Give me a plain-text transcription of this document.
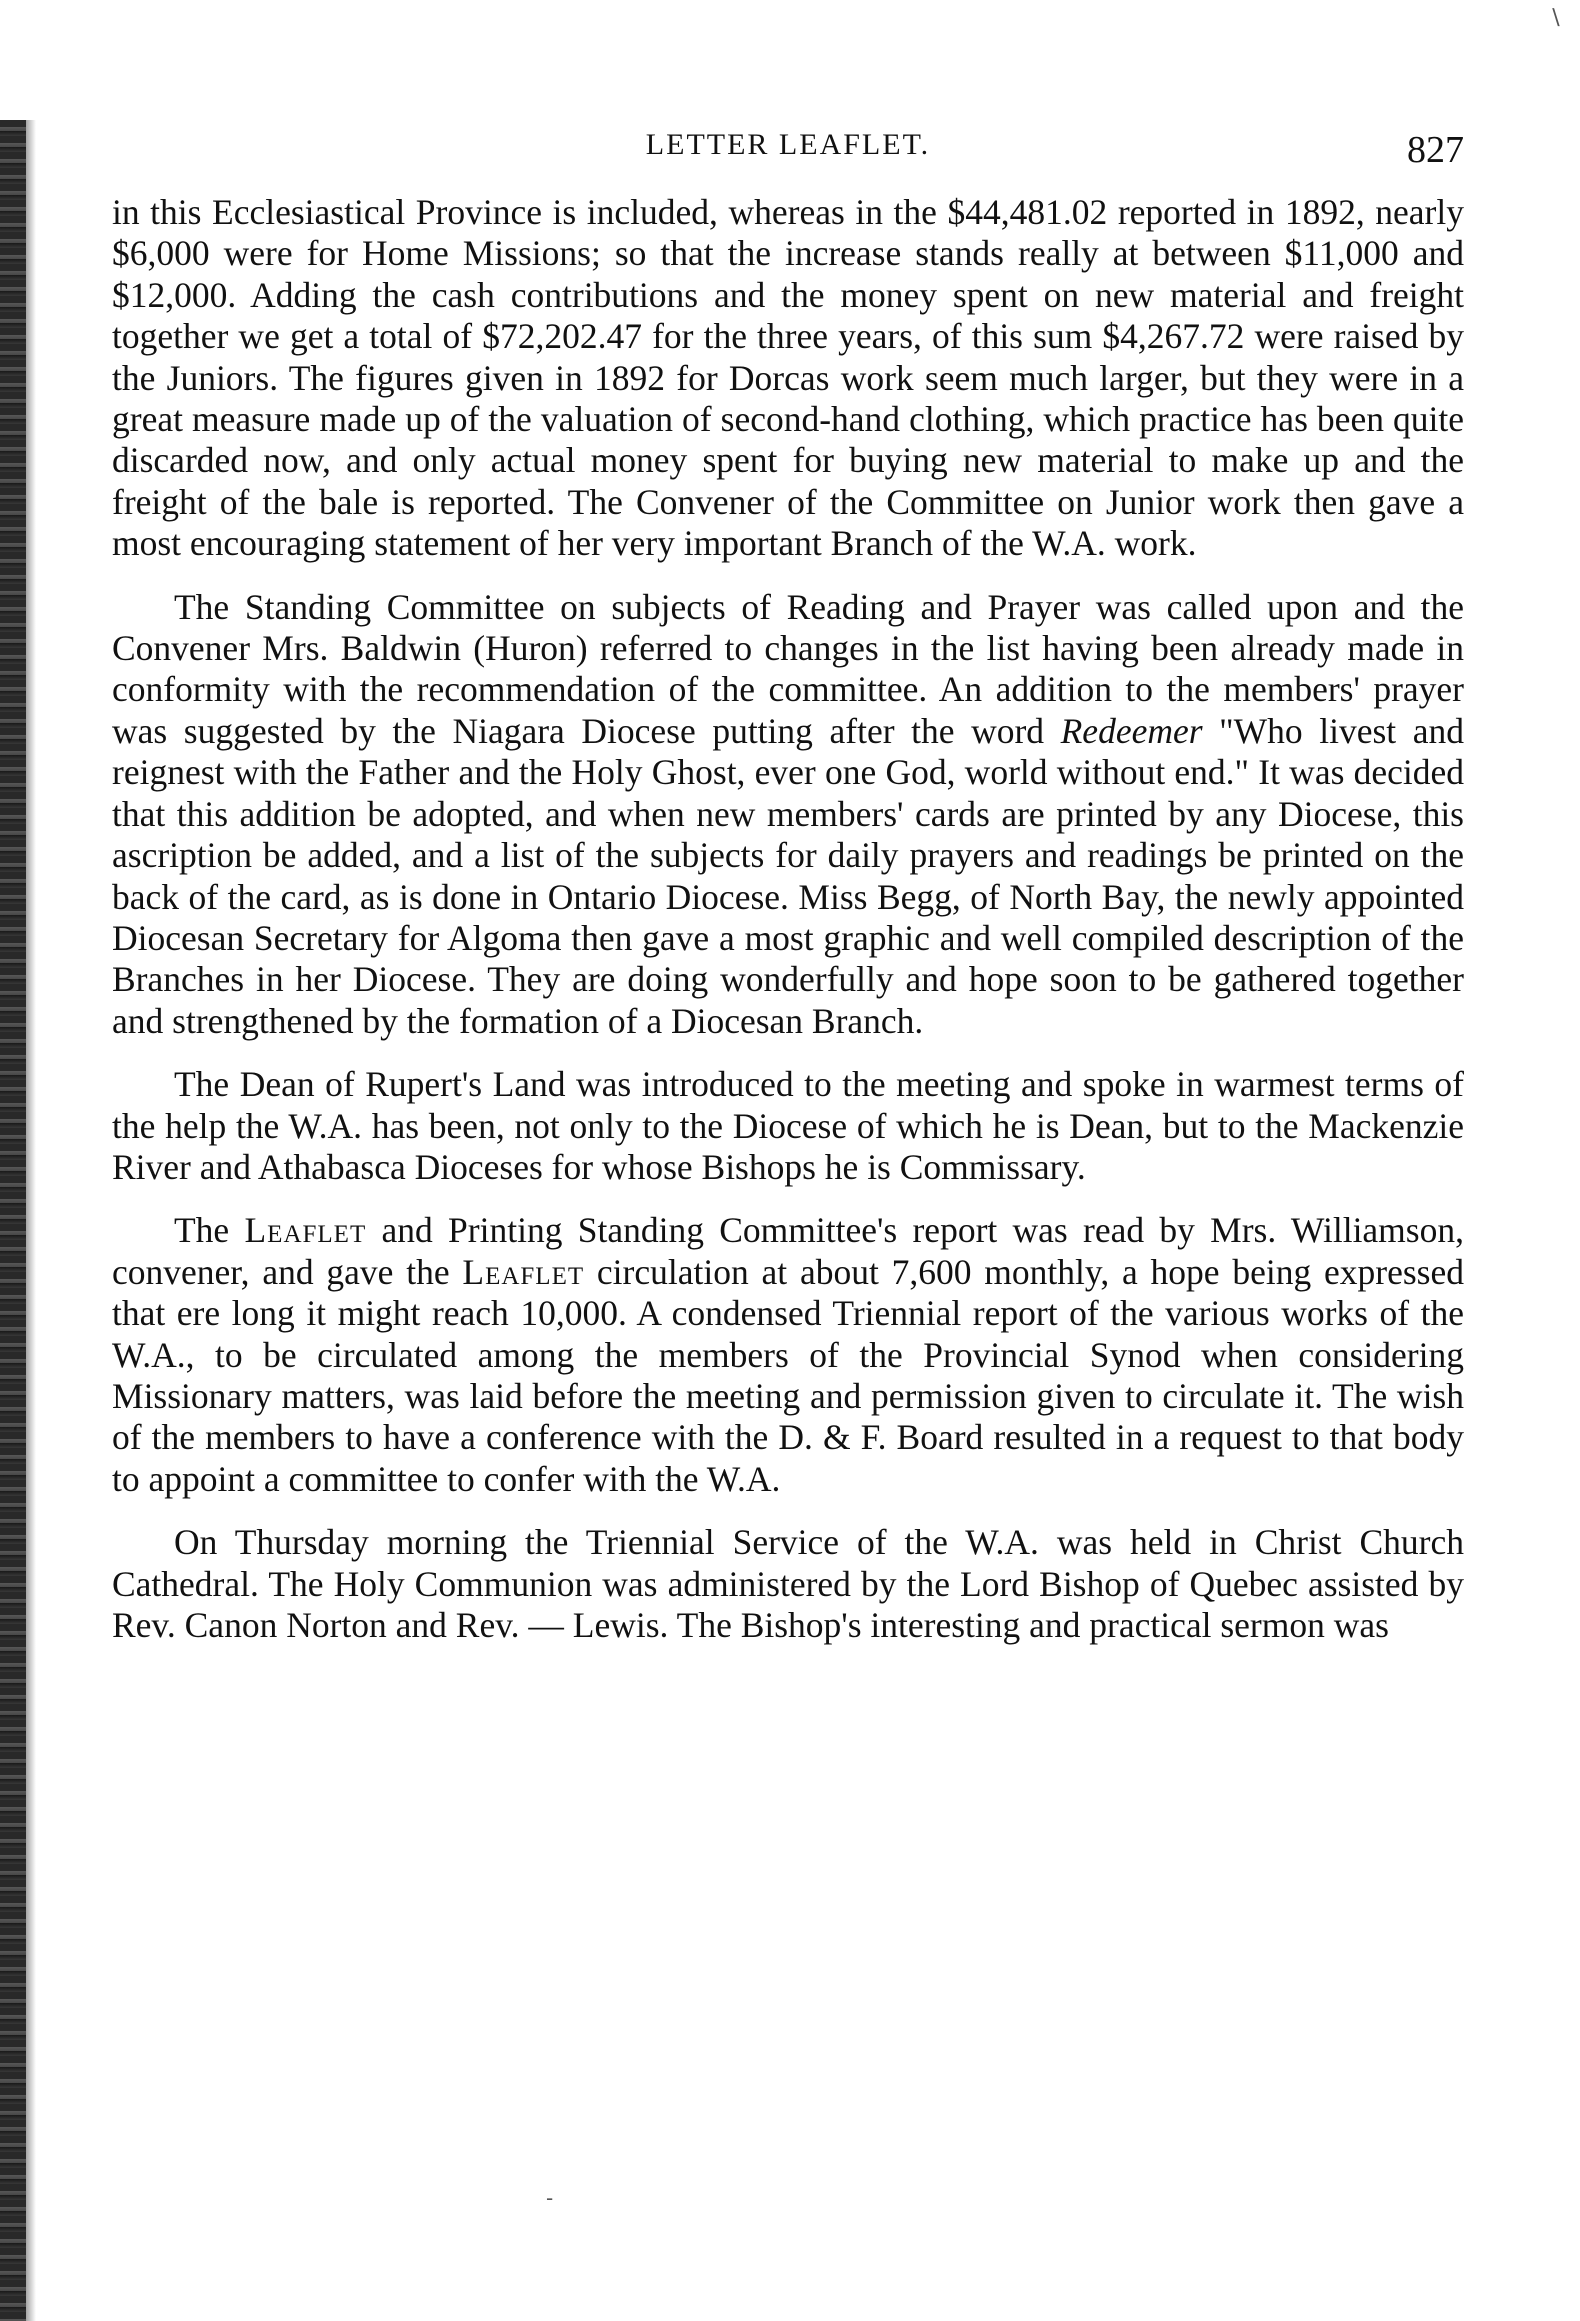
∖
-
LETTER LEAFLET.	827

in this Ecclesiastical Province is included, whereas in the $44,481.02 reported in 1892, nearly $6,000 were for Home Missions; so that the increase stands really at between $11,000 and $12,000. Adding the cash contributions and the money spent on new material and freight together we get a total of $72,202.47 for the three years, of this sum $4,267.72 were raised by the Juniors. The figures given in 1892 for Dorcas work seem much larger, but they were in a great measure made up of the valuation of second-hand clothing, which practice has been quite discarded now, and only actual money spent for buying new material to make up and the freight of the bale is reported. The Convener of the Committee on Junior work then gave a most encouraging statement of her very important Branch of the W.A. work.

The Standing Committee on subjects of Reading and Prayer was called upon and the Convener Mrs. Baldwin (Huron) referred to changes in the list having been already made in conformity with the recommendation of the committee. An addition to the members' prayer was suggested by the Niagara Diocese putting after the word Redeemer "Who livest and reignest with the Father and the Holy Ghost, ever one God, world without end." It was decided that this addition be adopted, and when new members' cards are printed by any Diocese, this ascription be added, and a list of the subjects for daily prayers and readings be printed on the back of the card, as is done in Ontario Diocese. Miss Begg, of North Bay, the newly appointed Diocesan Secretary for Algoma then gave a most graphic and well compiled description of the Branches in her Diocese. They are doing wonderfully and hope soon to be gathered together and strengthened by the formation of a Diocesan Branch.

The Dean of Rupert's Land was introduced to the meeting and spoke in warmest terms of the help the W.A. has been, not only to the Diocese of which he is Dean, but to the Mackenzie River and Athabasca Dioceses for whose Bishops he is Commissary.

The Leaflet and Printing Standing Committee's report was read by Mrs. Williamson, convener, and gave the Leaflet circulation at about 7,600 monthly, a hope being expressed that ere long it might reach 10,000. A condensed Triennial report of the various works of the W.A., to be circulated among the members of the Provincial Synod when considering Missionary matters, was laid before the meeting and permission given to circulate it. The wish of the members to have a conference with the D. & F. Board resulted in a request to that body to appoint a committee to confer with the W.A.

On Thursday morning the Triennial Service of the W.A. was held in Christ Church Cathedral. The Holy Communion was administered by the Lord Bishop of Quebec assisted by Rev. Canon Norton and Rev. — Lewis. The Bishop's interesting and practical sermon was
